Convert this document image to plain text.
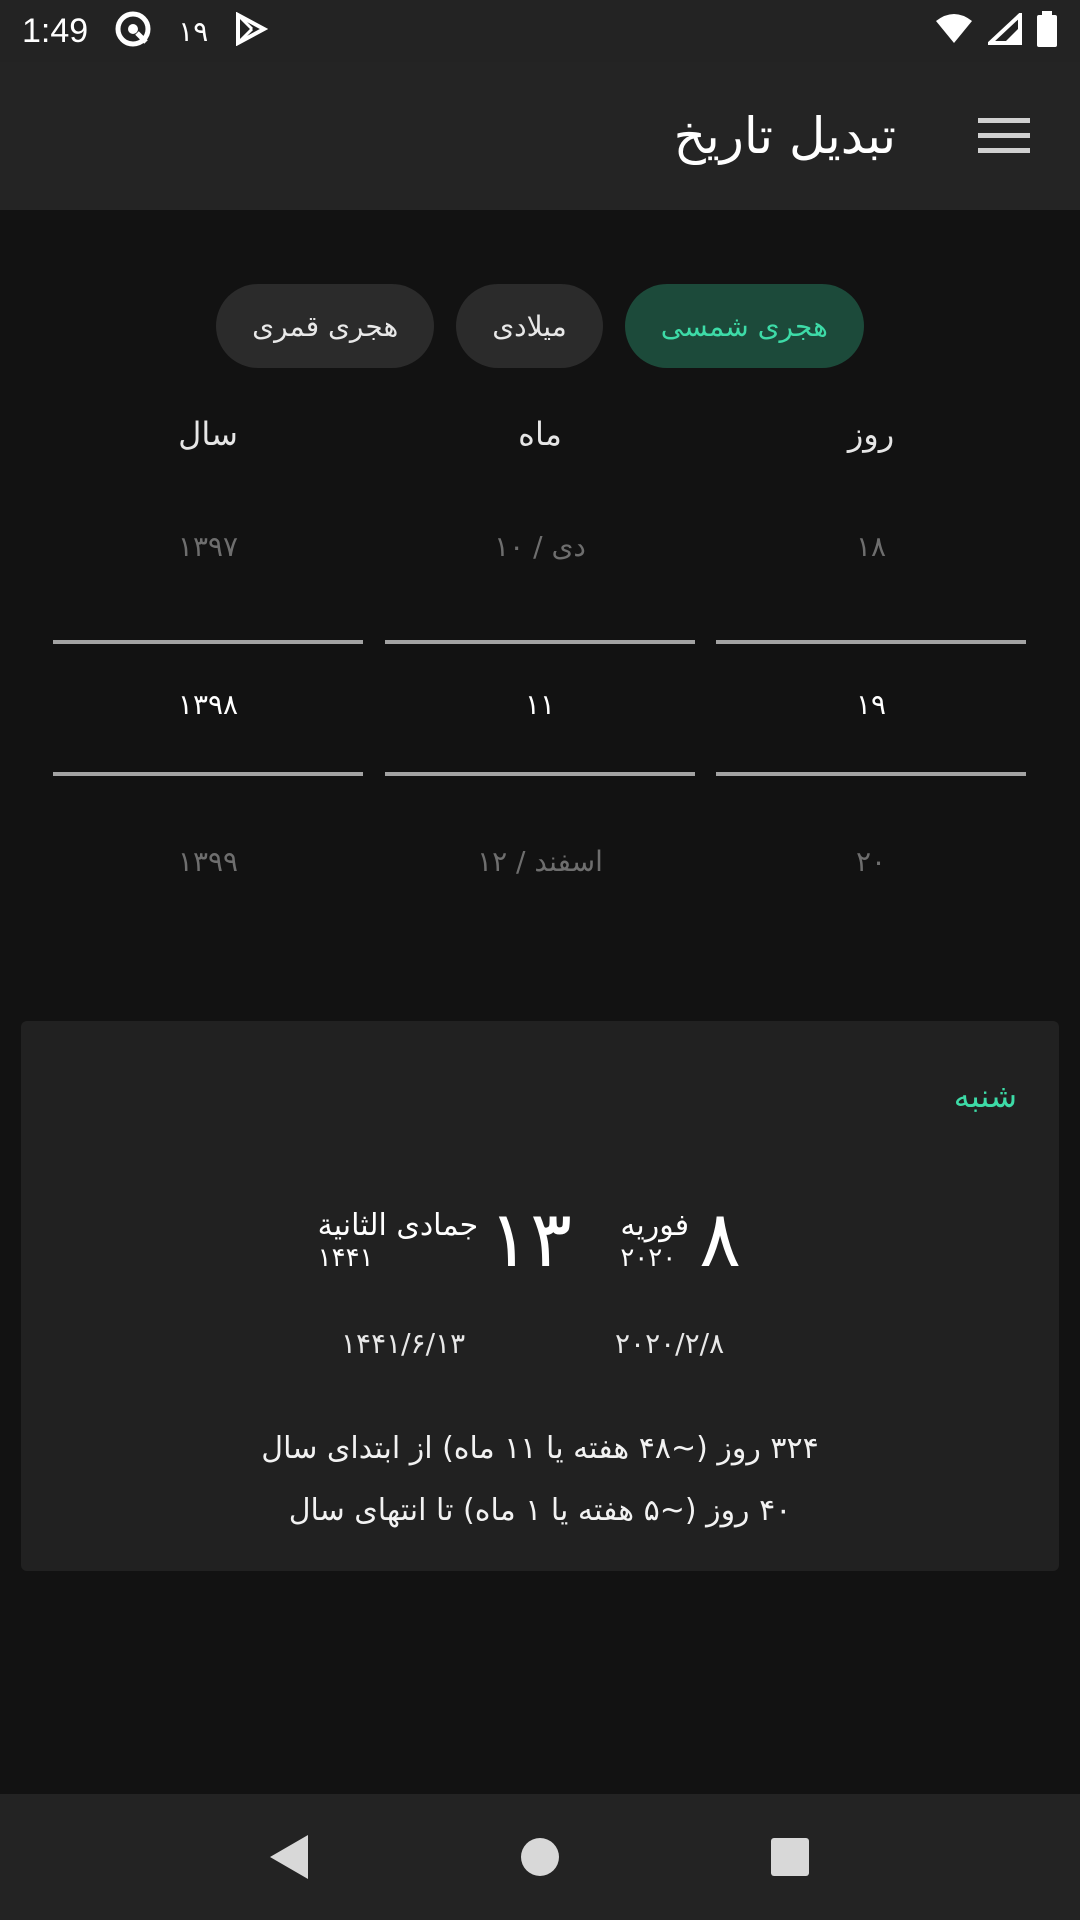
1:49	۱۹
تبدیل تاریخ
هجری شمسی
میلادی
هجری قمری
روز
ماه
سال
۱۸
۱۹
۲۰
دی / ۱۰
۱۱
اسفند / ۱۲
۱۳۹۷
۱۳۹۸
۱۳۹۹
شنبه
۸
فوریه
۲۰۲۰
۱۳
جمادی الثانية
۱۴۴۱
۲۰۲۰/۲/۸
۱۴۴۱/۶/۱۳
۳۲۴ روز (~۴۸ هفته یا ۱۱ ماه) از ابتدای سال
۴۰ روز (~۵ هفته یا ۱ ماه) تا انتهای سال
